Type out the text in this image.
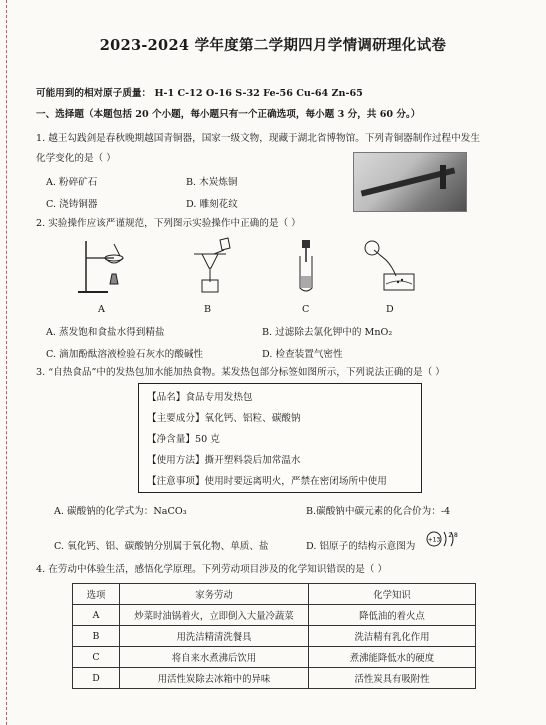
2023-2024 学年度第二学期四月学情调研理化试卷
可能用到的相对原子质量： H-1 C-12 O-16 S-32 Fe-56 Cu-64 Zn-65
一、选择题（本题包括 20 个小题，每小题只有一个正确选项，每小题 3 分，共 60 分。）
1. 越王勾践剑是春秋晚期越国青铜器，国家一级文物，现藏于湖北省博物馆。下列青铜器制作过程中发生
化学变化的是（ ）
A. 粉碎矿石	B. 木炭炼铜
C. 浇铸铜器	D. 雕刻花纹
2. 实验操作应该严谨规范，下列图示实验操作中正确的是（ ）
A	B	C	D
A. 蒸发饱和食盐水得到精盐	B. 过滤除去氯化钾中的 MnO₂
C. 滴加酚酞溶液检验石灰水的酸碱性	D. 检查装置气密性
3. “自热食品”中的发热包加水能加热食物。某发热包部分标签如图所示，下列说法正确的是（ ）
【品名】食品专用发热包
【主要成分】氧化钙、铝粒、碳酸钠
【净含量】50 克
【使用方法】撕开塑料袋后加常温水
【注意事项】使用时要远离明火，严禁在密闭场所中使用
A. 碳酸钠的化学式为：NaCO₃	B.碳酸钠中碳元素的化合价为：-4
C. 氧化钙、铝、碳酸钠分别属于氧化物、单质、盐	D. 铝原子的结构示意图为
+13
2 8
4. 在劳动中体验生活，感悟化学原理。下列劳动项目涉及的化学知识错误的是（ ）
选项	家务劳动	化学知识
A	炒菜时油锅着火，立即倒入大量冷蔬菜	降低油的着火点
B	用洗洁精清洗餐具	洗洁精有乳化作用
C	将自来水煮沸后饮用	煮沸能降低水的硬度
D	用活性炭除去冰箱中的异味	活性炭具有吸附性
